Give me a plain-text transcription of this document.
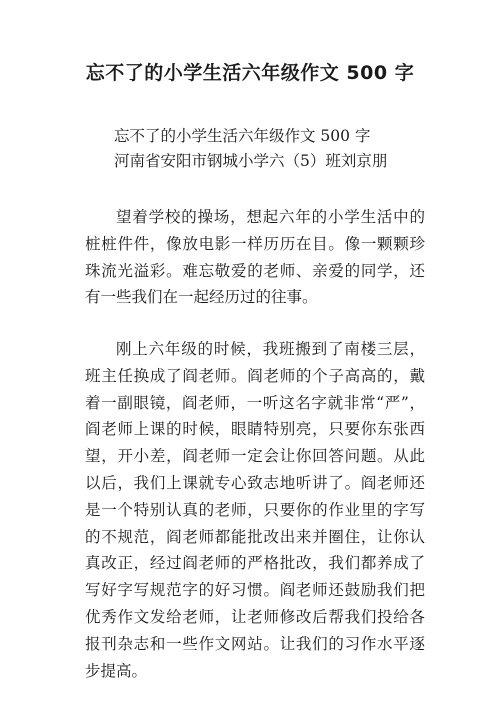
忘不了的小学生活六年级作文 500 字

忘不了的小学生活六年级作文 500 字

河南省安阳市钢城小学六（5）班刘京朋

望着学校的操场，想起六年的小学生活中的桩桩件件，像放电影一样历历在目。像一颗颗珍珠流光溢彩。难忘敬爱的老师、亲爱的同学，还有一些我们在一起经历过的往事。

刚上六年级的时候，我班搬到了南楼三层，班主任换成了阎老师。阎老师的个子高高的，戴着一副眼镜，阎老师，一听这名字就非常“严”，阎老师上课的时候，眼睛特别亮，只要你东张西望，开小差，阎老师一定会让你回答问题。从此以后，我们上课就专心致志地听讲了。阎老师还是一个特别认真的老师，只要你的作业里的字写的不规范，阎老师都能批改出来并圈住，让你认真改正，经过阎老师的严格批改，我们都养成了写好字写规范字的好习惯。阎老师还鼓励我们把优秀作文发给老师，让老师修改后帮我们投给各报刊杂志和一些作文网站。让我们的习作水平逐步提高。
